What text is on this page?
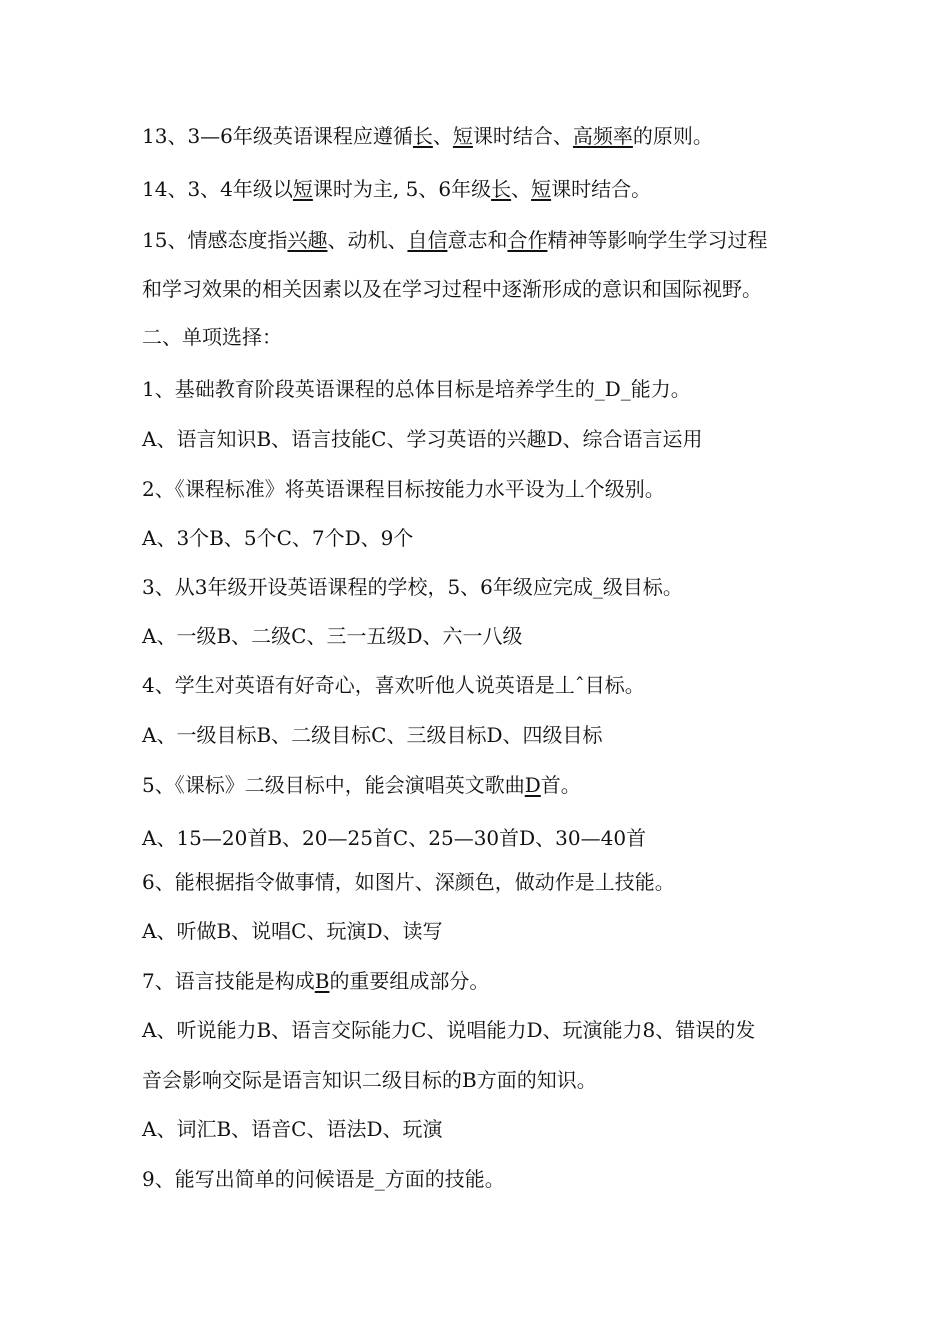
13、3—6年级英语课程应遵循长、短课时结合、高频率的原则。
14、3、4年级以短课时为主, 5、6年级长、短课时结合。
15、情感态度指兴趣、动机、自信意志和合作精神等影响学生学习过程
和学习效果的相关因素以及在学习过程中逐渐形成的意识和国际视野。
二、单项选择：
1、基础教育阶段英语课程的总体目标是培养学生的_D_能力。
A、语言知识B、语言技能C、学习英语的兴趣D、综合语言运用
2、《课程标准》将英语课程目标按能力水平设为丄个级别。
A、3个B、5个C、7个D、9个
3、从3年级开设英语课程的学校，5、6年级应完成_级目标。
A、一级B、二级C、三一五级D、六一八级
4、学生对英语有好奇心，喜欢听他人说英语是丄ˆ目标。
A、一级目标B、二级目标C、三级目标D、四级目标
5、《课标》二级目标中，能会演唱英文歌曲D首。
A、15—20首B、20—25首C、25—30首D、30—40首
6、能根据指令做事情，如图片、深颜色，做动作是丄技能。
A、听做B、说唱C、玩演D、读写
7、语言技能是构成B的重要组成部分。
A、听说能力B、语言交际能力C、说唱能力D、玩演能力8、错误的发
音会影响交际是语言知识二级目标的B方面的知识。
A、词汇B、语音C、语法D、玩演
9、能写出简单的问候语是_方面的技能。
